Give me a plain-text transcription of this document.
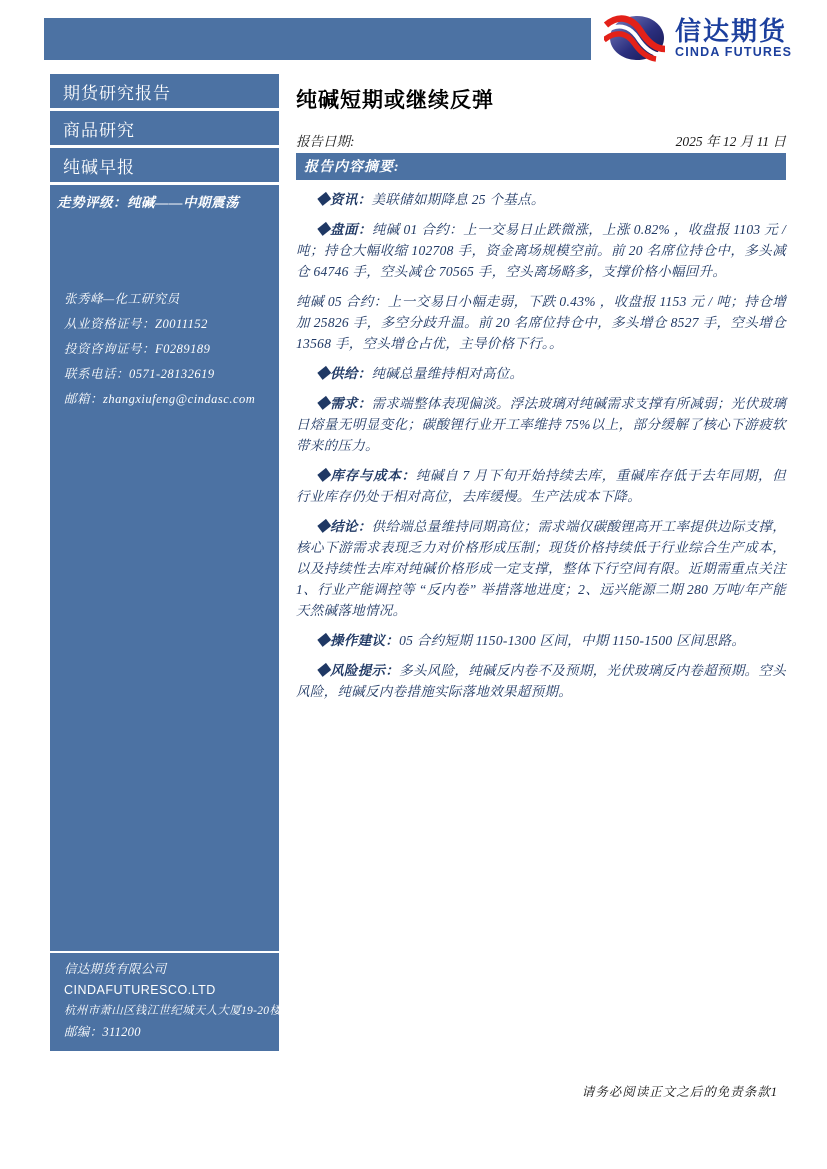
信达期货
CINDA FUTURES
期货研究报告
商品研究
纯碱早报
走势评级：纯碱——中期震荡
张秀峰—化工研究员
从业资格证号：Z0011152
投资咨询证号：F0289189
联系电话：0571-28132619
邮箱：zhangxiufeng@cindasc.com
信达期货有限公司
CINDAFUTURESCO.LTD
杭州市萧山区钱江世纪城天人大厦19-20楼
邮编：311200
纯碱短期或继续反弹
报告日期:	2025 年 12 月 11 日
报告内容摘要:

◆资讯：美联储如期降息 25 个基点。

◆盘面：纯碱 01 合约：上一交易日止跌微涨，上涨 0.82% ，收盘报 1103 元 / 吨；持仓大幅收缩 102708 手，资金离场规模空前。前 20 名席位持仓中，多头减仓 64746 手，空头减仓 70565 手，空头离场略多，支撑价格小幅回升。

纯碱 05 合约：上一交易日小幅走弱，下跌 0.43% ，收盘报 1153 元 / 吨；持仓增加 25826 手，多空分歧升温。前 20 名席位持仓中，多头增仓 8527 手，空头增仓 13568 手，空头增仓占优，主导价格下行。。

◆供给：纯碱总量维持相对高位。

◆需求：需求端整体表现偏淡。浮法玻璃对纯碱需求支撑有所减弱；光伏玻璃日熔量无明显变化；碳酸锂行业开工率维持 75%以上，部分缓解了核心下游疲软带来的压力。

◆库存与成本：纯碱自 7 月下旬开始持续去库，重碱库存低于去年同期，但行业库存仍处于相对高位，去库缓慢。生产法成本下降。

◆结论：供给端总量维持同期高位；需求端仅碳酸锂高开工率提供边际支撑，核心下游需求表现乏力对价格形成压制；现货价格持续低于行业综合生产成本，以及持续性去库对纯碱价格形成一定支撑，整体下行空间有限。近期需重点关注 1、行业产能调控等 “反内卷” 举措落地进度；2、远兴能源二期 280 万吨/年产能天然碱落地情况。

◆操作建议：05 合约短期 1150-1300 区间，中期 1150-1500 区间思路。

◆风险提示：多头风险，纯碱反内卷不及预期，光伏玻璃反内卷超预期。空头风险，纯碱反内卷措施实际落地效果超预期。

请务必阅读正文之后的免责条款1
